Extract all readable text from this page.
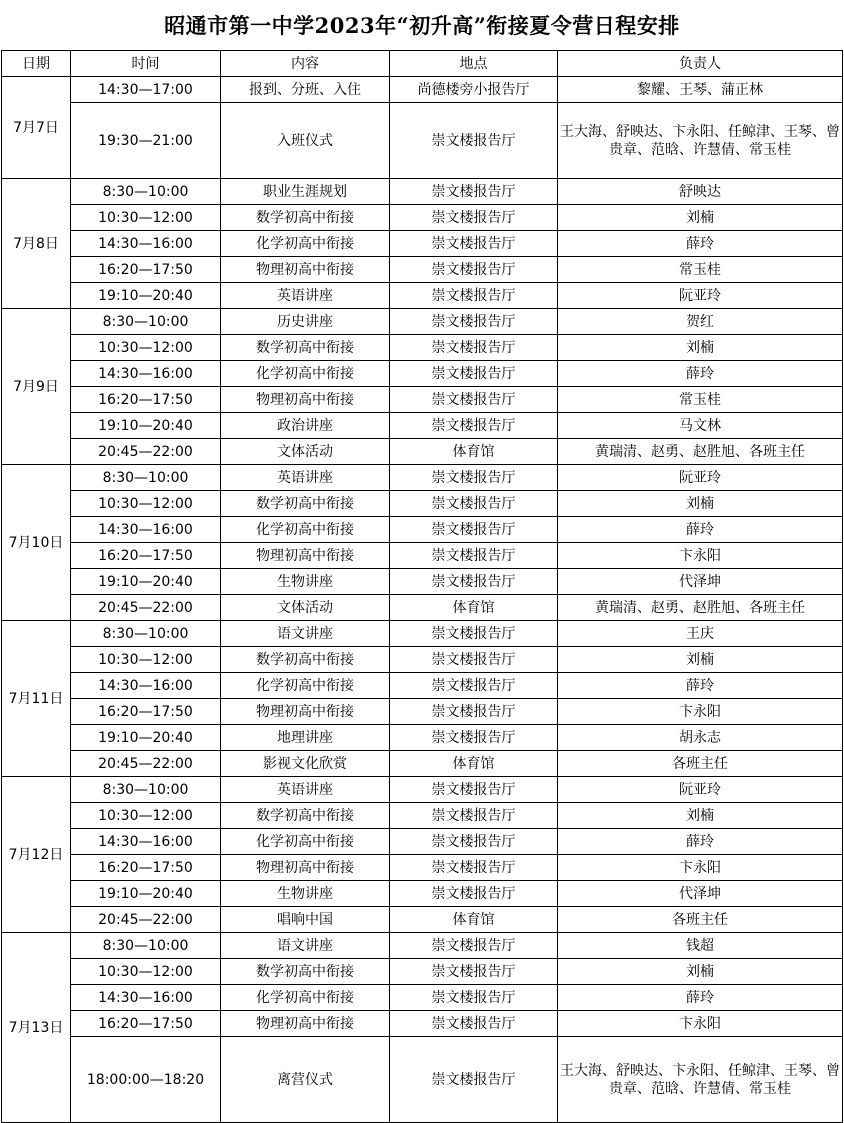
昭通市第一中学2023年“初升高”衔接夏令营日程安排
日期	时间	内容	地点	负责人
7月7日	14:30—17:00	报到、分班、入住	尚德楼旁小报告厅	黎耀、王琴、蒲正林
	19:30—21:00	入班仪式	崇文楼报告厅	王大海、舒映达、卞永阳、任鲸津、王琴、曾贵章、范晗、许慧倩、常玉桂
7月8日	8:30—10:00	职业生涯规划	崇文楼报告厅	舒映达
	10:30—12:00	数学初高中衔接	崇文楼报告厅	刘楠
	14:30—16:00	化学初高中衔接	崇文楼报告厅	薛玲
	16:20—17:50	物理初高中衔接	崇文楼报告厅	常玉桂
	19:10—20:40	英语讲座	崇文楼报告厅	阮亚玲
7月9日	8:30—10:00	历史讲座	崇文楼报告厅	贺红
	10:30—12:00	数学初高中衔接	崇文楼报告厅	刘楠
	14:30—16:00	化学初高中衔接	崇文楼报告厅	薛玲
	16:20—17:50	物理初高中衔接	崇文楼报告厅	常玉桂
	19:10—20:40	政治讲座	崇文楼报告厅	马文林
	20:45—22:00	文体活动	体育馆	黄瑞清、赵勇、赵胜旭、各班主任
7月10日	8:30—10:00	英语讲座	崇文楼报告厅	阮亚玲
	10:30—12:00	数学初高中衔接	崇文楼报告厅	刘楠
	14:30—16:00	化学初高中衔接	崇文楼报告厅	薛玲
	16:20—17:50	物理初高中衔接	崇文楼报告厅	卞永阳
	19:10—20:40	生物讲座	崇文楼报告厅	代泽坤
	20:45—22:00	文体活动	体育馆	黄瑞清、赵勇、赵胜旭、各班主任
7月11日	8:30—10:00	语文讲座	崇文楼报告厅	王庆
	10:30—12:00	数学初高中衔接	崇文楼报告厅	刘楠
	14:30—16:00	化学初高中衔接	崇文楼报告厅	薛玲
	16:20—17:50	物理初高中衔接	崇文楼报告厅	卞永阳
	19:10—20:40	地理讲座	崇文楼报告厅	胡永志
	20:45—22:00	影视文化欣赏	体育馆	各班主任
7月12日	8:30—10:00	英语讲座	崇文楼报告厅	阮亚玲
	10:30—12:00	数学初高中衔接	崇文楼报告厅	刘楠
	14:30—16:00	化学初高中衔接	崇文楼报告厅	薛玲
	16:20—17:50	物理初高中衔接	崇文楼报告厅	卞永阳
	19:10—20:40	生物讲座	崇文楼报告厅	代泽坤
	20:45—22:00	唱响中国	体育馆	各班主任
7月13日	8:30—10:00	语文讲座	崇文楼报告厅	钱超
	10:30—12:00	数学初高中衔接	崇文楼报告厅	刘楠
	14:30—16:00	化学初高中衔接	崇文楼报告厅	薛玲
	16:20—17:50	物理初高中衔接	崇文楼报告厅	卞永阳
	18:00:00—18:20	离营仪式	崇文楼报告厅	王大海、舒映达、卞永阳、任鲸津、王琴、曾贵章、范晗、许慧倩、常玉桂
